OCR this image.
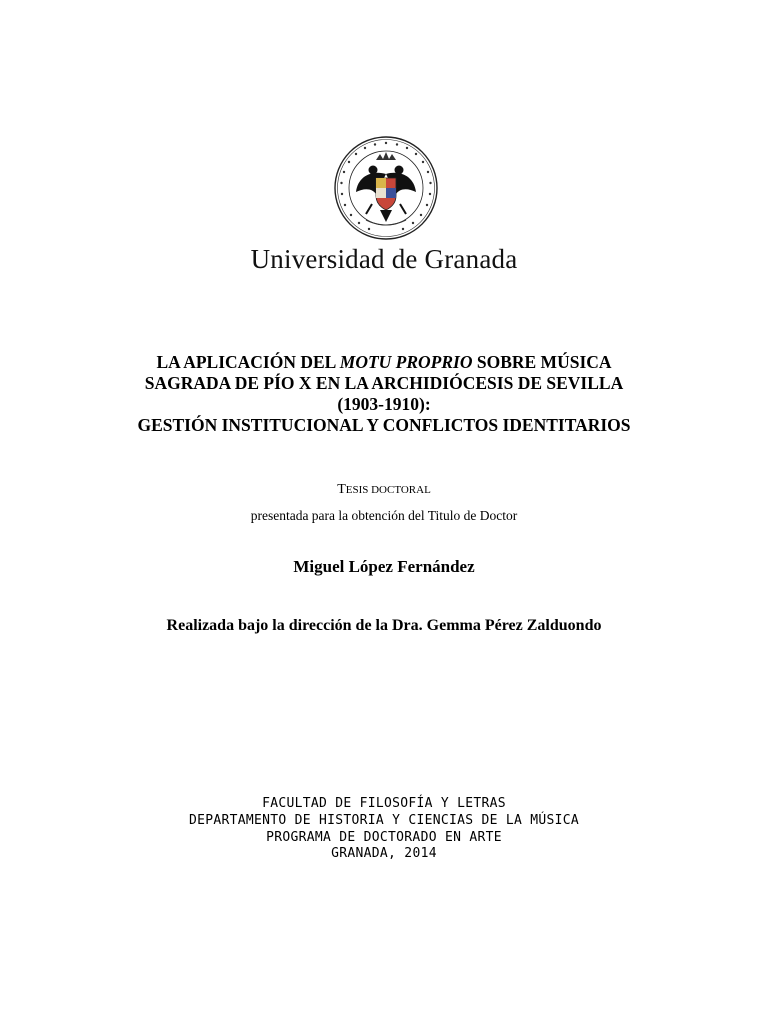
Universidad de Granada
LA APLICACIÓN DEL MOTU PROPRIO SOBRE MÚSICA
SAGRADA DE PÍO X EN LA ARCHIDIÓCESIS DE SEVILLA
(1903-1910):
GESTIÓN INSTITUCIONAL Y CONFLICTOS IDENTITARIOS
TESIS DOCTORAL
presentada para la obtención del Titulo de Doctor
Miguel López Fernández
Realizada bajo la dirección de la Dra. Gemma Pérez Zalduondo
FACULTAD DE FILOSOFÍA Y LETRAS
DEPARTAMENTO DE HISTORIA Y CIENCIAS DE LA MÚSICA
PROGRAMA DE DOCTORADO EN ARTE
GRANADA, 2014
